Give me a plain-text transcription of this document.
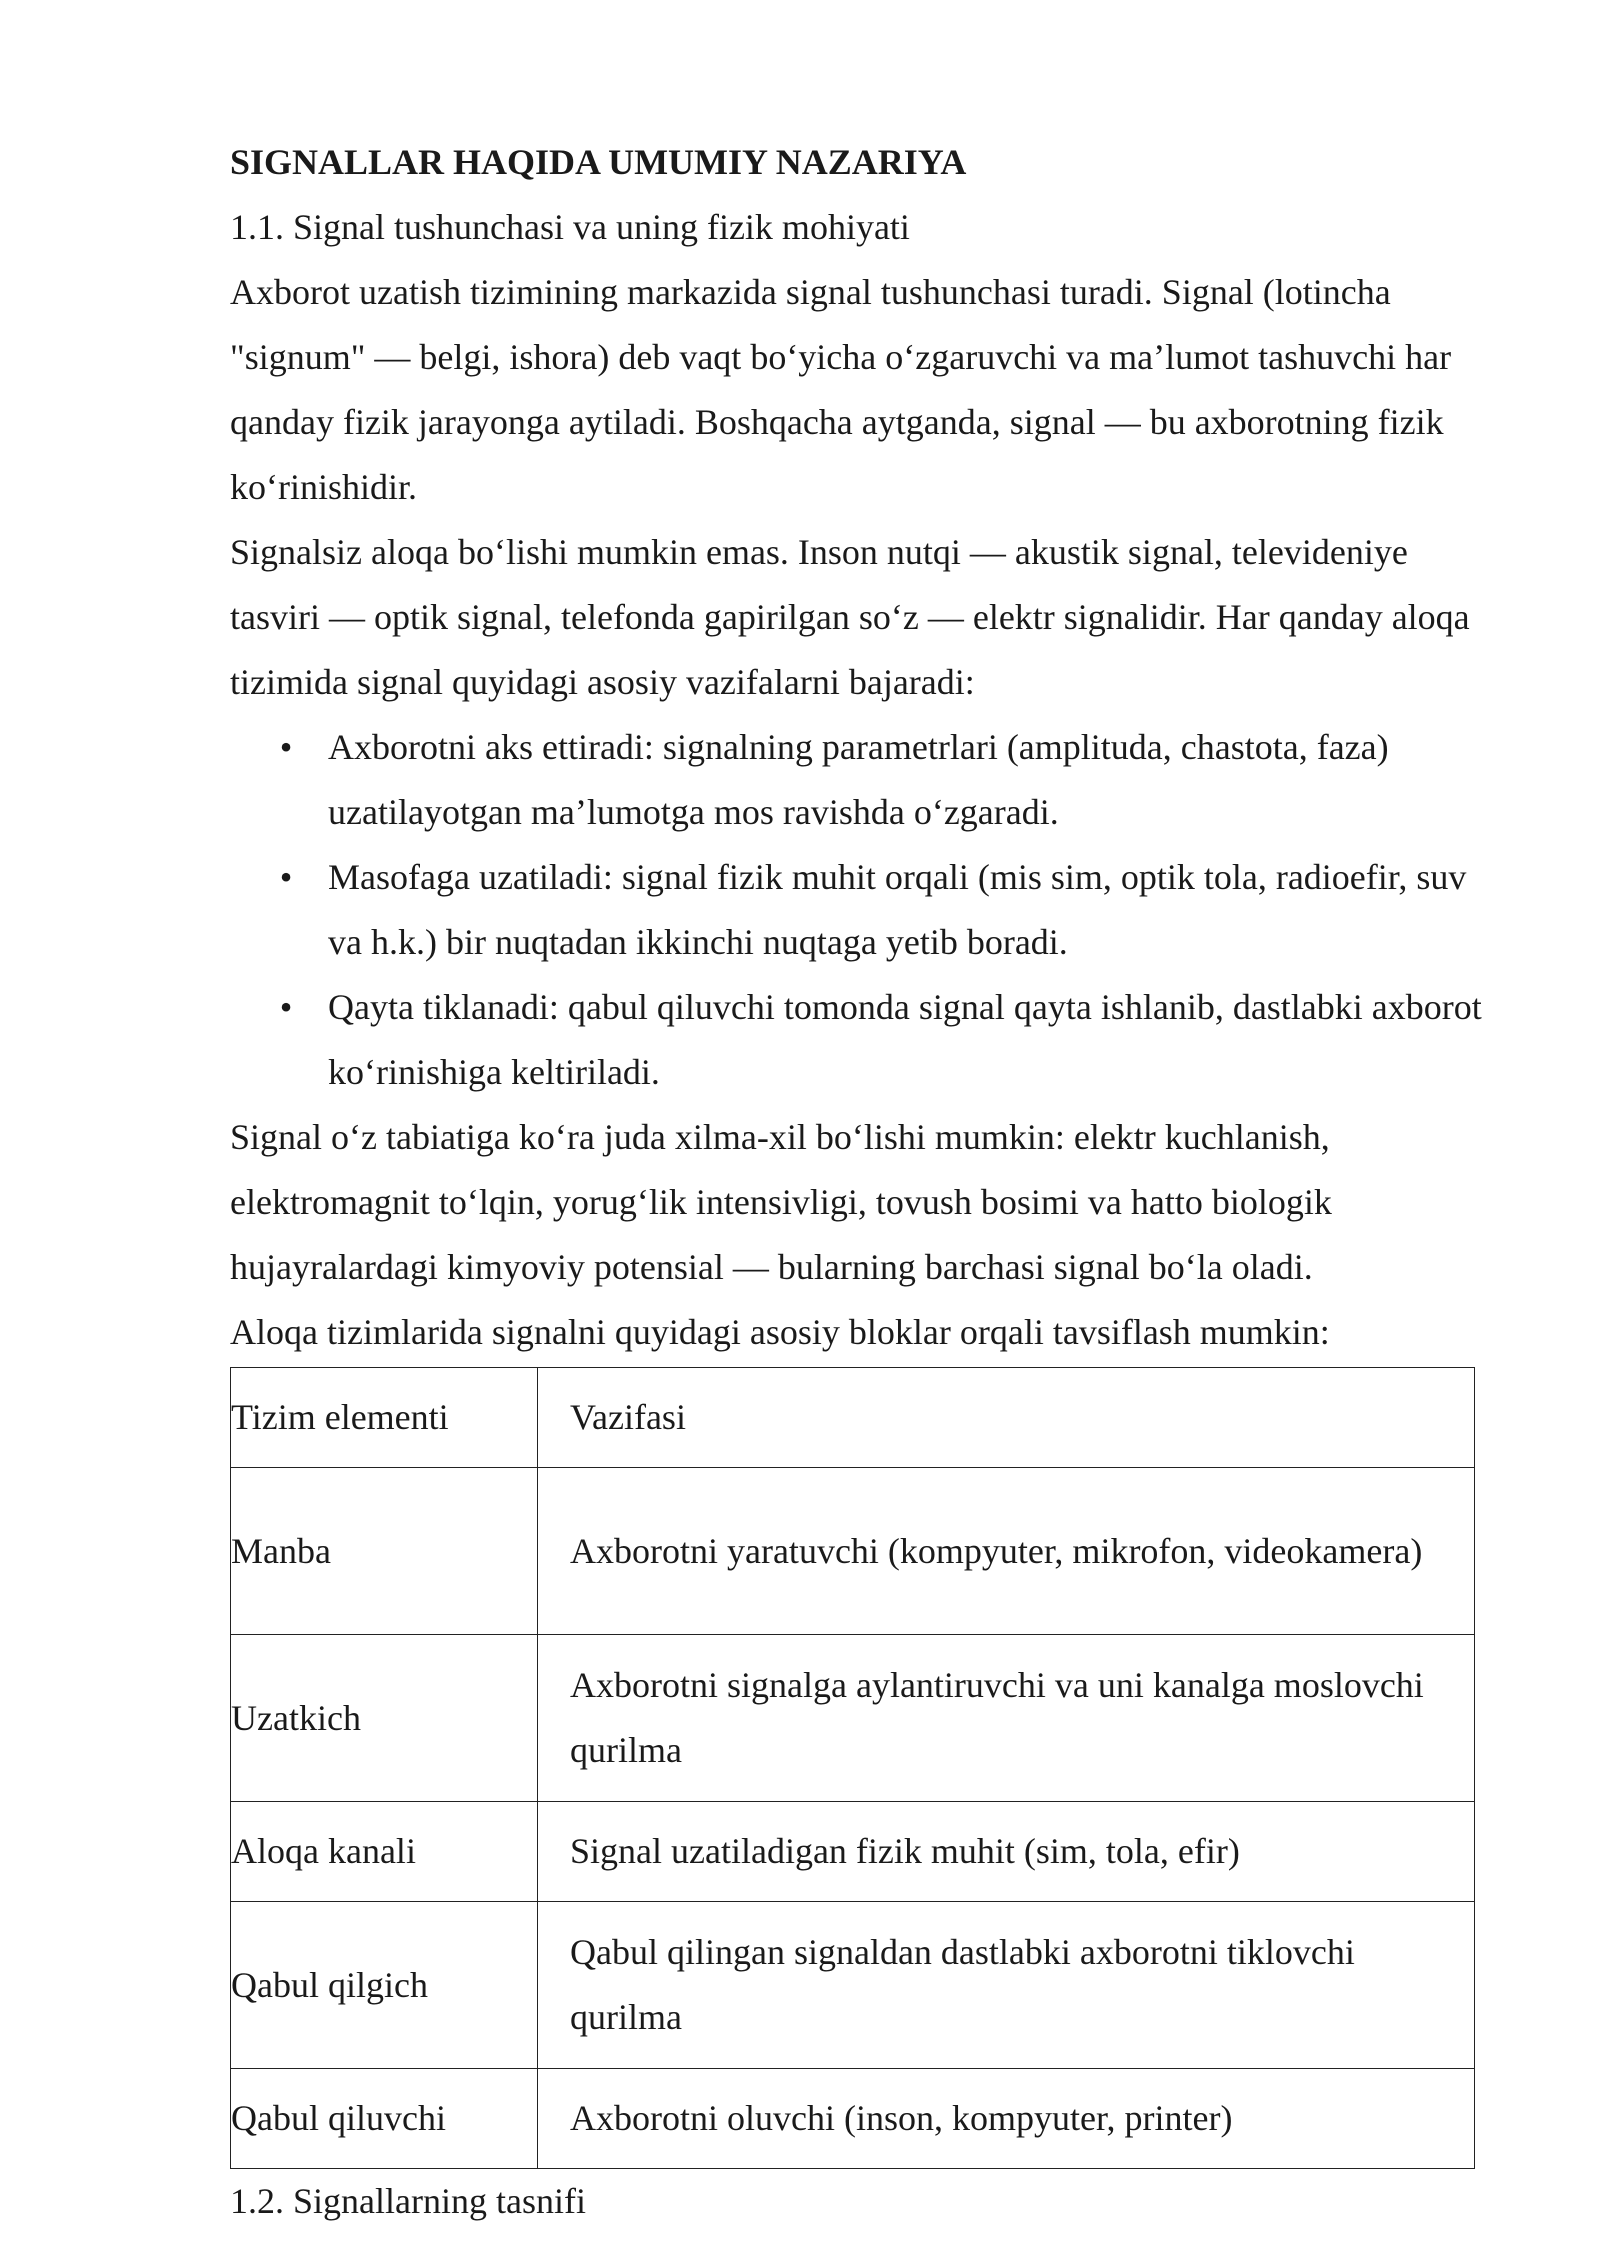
SIGNALLAR HAQIDA UMUMIY NAZARIYA

1.1. Signal tushunchasi va uning fizik mohiyati

Axborot uzatish tizimining markazida signal tushunchasi turadi. Signal (lotincha "signum" — belgi, ishora) deb vaqt bo‘yicha o‘zgaruvchi va ma’lumot tashuvchi har qanday fizik jarayonga aytiladi. Boshqacha aytganda, signal — bu axborotning fizik ko‘rinishidir.

Signalsiz aloqa bo‘lishi mumkin emas. Inson nutqi — akustik signal, televideniye tasviri — optik signal, telefonda gapirilgan so‘z — elektr signalidir. Har qanday aloqa tizimida signal quyidagi asosiy vazifalarni bajaradi:

• Axborotni aks ettiradi: signalning parametrlari (amplituda, chastota, faza) uzatilayotgan ma’lumotga mos ravishda o‘zgaradi.
• Masofaga uzatiladi: signal fizik muhit orqali (mis sim, optik tola, radioefir, suv va h.k.) bir nuqtadan ikkinchi nuqtaga yetib boradi.
• Qayta tiklanadi: qabul qiluvchi tomonda signal qayta ishlanib, dastlabki axborot ko‘rinishiga keltiriladi.

Signal o‘z tabiatiga ko‘ra juda xilma-xil bo‘lishi mumkin: elektr kuchlanish, elektromagnit to‘lqin, yorug‘lik intensivligi, tovush bosimi va hatto biologik hujayralardagi kimyoviy potensial — bularning barchasi signal bo‘la oladi.

Aloqa tizimlarida signalni quyidagi asosiy bloklar orqali tavsiflash mumkin:

Tizim elementi	Vazifasi
Manba	Axborotni yaratuvchi (kompyuter, mikrofon, videokamera)
Uzatkich	Axborotni signalga aylantiruvchi va uni kanalga moslovchi qurilma
Aloqa kanali	Signal uzatiladigan fizik muhit (sim, tola, efir)
Qabul qilgich	Qabul qilingan signaldan dastlabki axborotni tiklovchi qurilma
Qabul qiluvchi	Axborotni oluvchi (inson, kompyuter, printer)

1.2. Signallarning tasnifi
